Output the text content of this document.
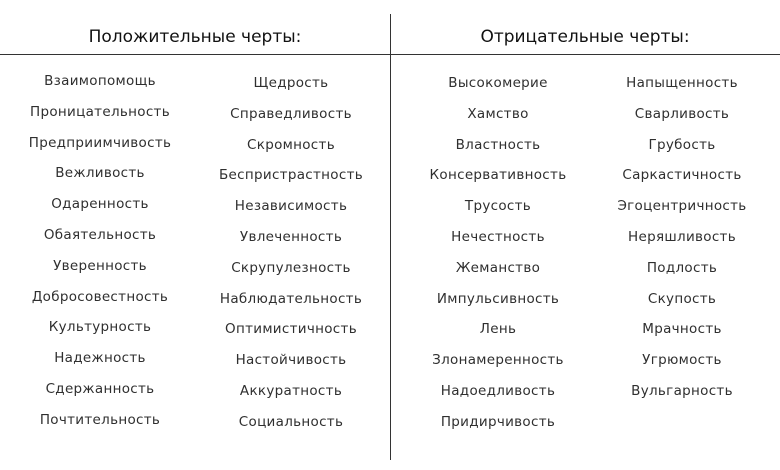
Положительные черты:	Отрицательные черты:
Взаимопомощь
Проницательность
Предприимчивость
Вежливость
Одаренность
Обаятельность
Уверенность
Добросовестность
Культурность
Надежность
Сдержанность
Почтительность
Щедрость
Справедливость
Скромность
Беспристрастность
Независимость
Увлеченность
Скрупулезность
Наблюдательность
Оптимистичность
Настойчивость
Аккуратность
Социальность
Высокомерие
Хамство
Властность
Консервативность
Трусость
Нечестность
Жеманство
Импульсивность
Лень
Злонамеренность
Надоедливость
Придирчивость
Напыщенность
Сварливость
Грубость
Саркастичность
Эгоцентричность
Неряшливость
Подлость
Скупость
Мрачность
Угрюмость
Вульгарность
